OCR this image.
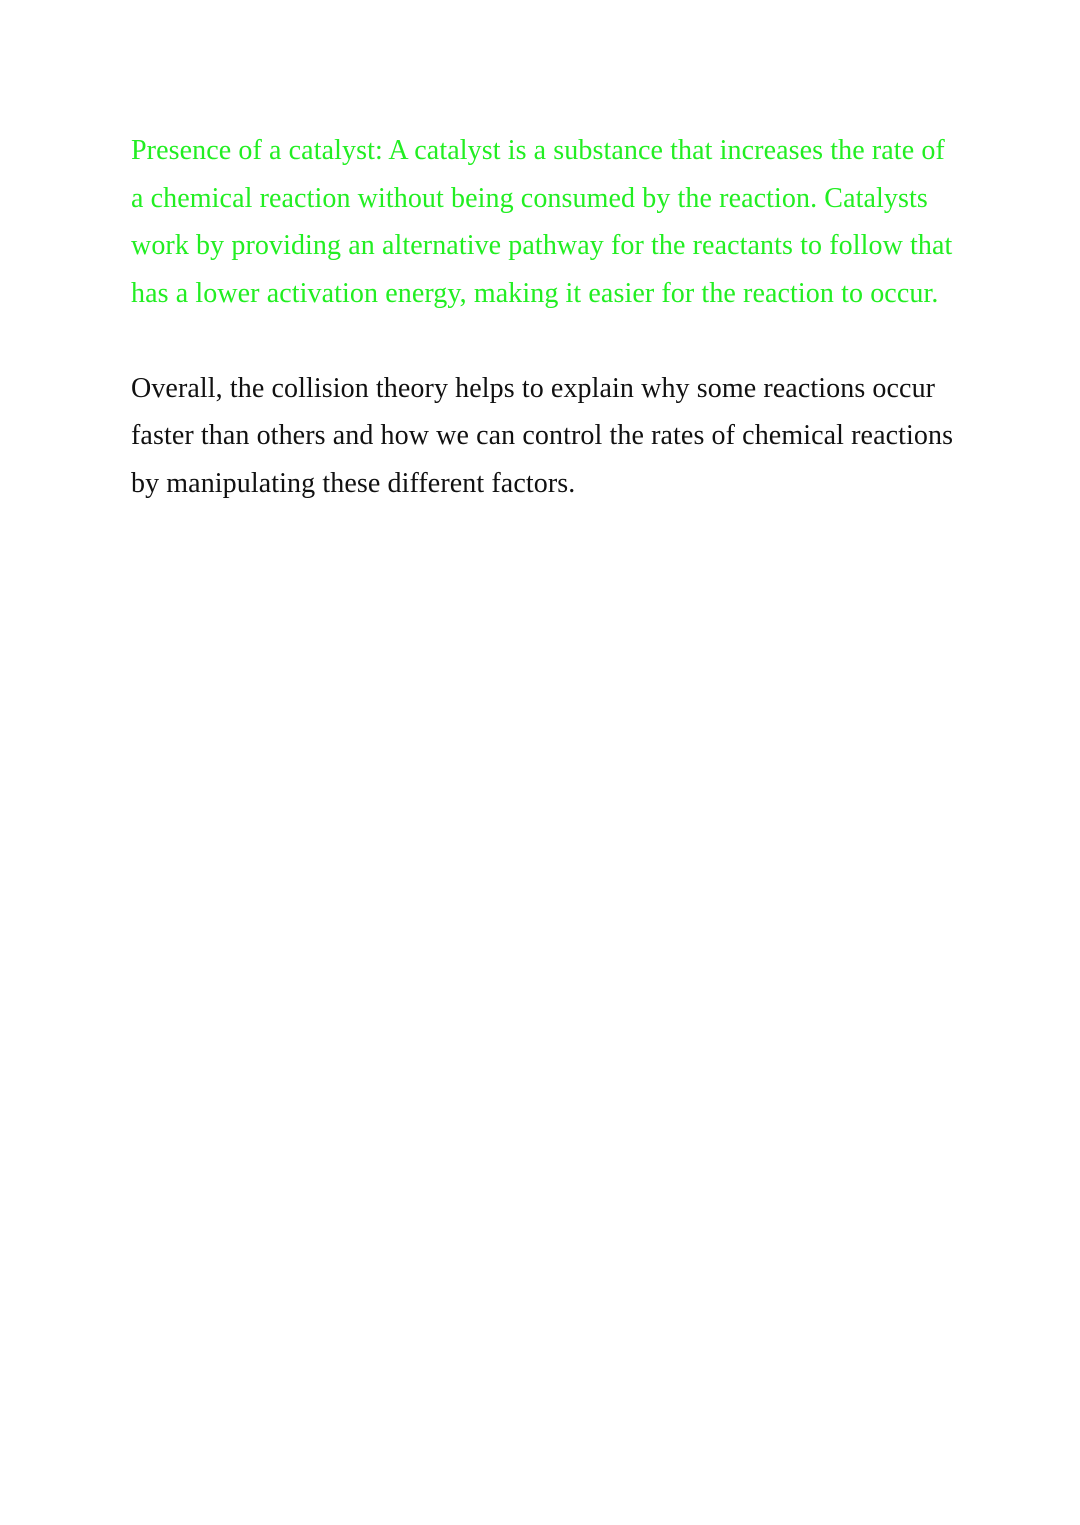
Presence of a catalyst: A catalyst is a substance that increases the rate of a chemical reaction without being consumed by the reaction. Catalysts work by providing an alternative pathway for the reactants to follow that has a lower activation energy, making it easier for the reaction to occur.

Overall, the collision theory helps to explain why some reactions occur faster than others and how we can control the rates of chemical reactions by manipulating these different factors.
